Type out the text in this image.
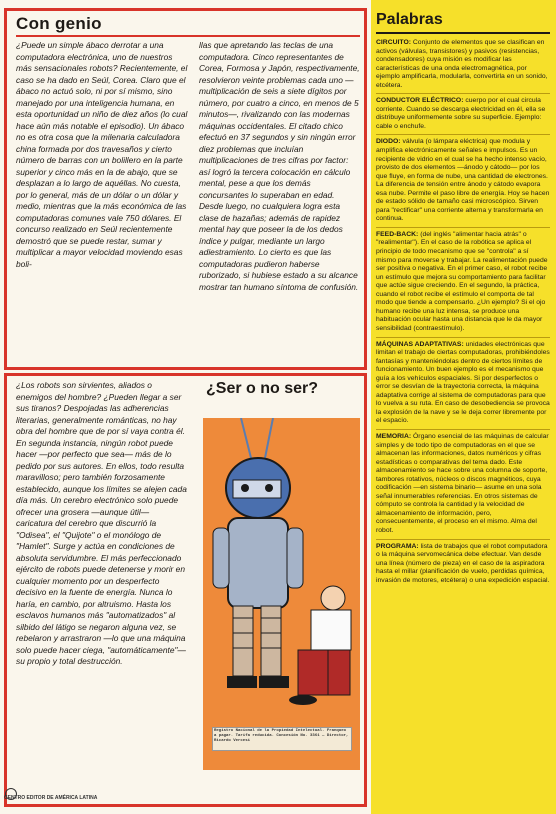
Con genio
¿Puede un simple ábaco derrotar a una computadora electrónica, uno de nuestros más sensacionales robots? Recientemente, el caso se ha dado en Seúl, Corea. Claro que el ábaco no actuó solo, ni por sí mismo, sino manejado por una inteligencia humana, en esta oportunidad un niño de diez años (lo cual hace aún más notable el episodio). Un ábaco no es otra cosa que la milenaria calculadora china formada por dos travesaños y cierto número de barras con un bolillero en la parte superior y cinco más en la de abajo, que se desplazan a lo largo de aquéllas. No cuesta, por lo general, más de un dólar o un dólar y medio, mientras que la más económica de las computadoras comunes vale 750 dólares. El concurso realizado en Seúl recientemente demostró que se puede restar, sumar y multiplicar a mayor velocidad moviendo esas boli-
llas que apretando las teclas de una computadora. Cinco representantes de Corea, Formosa y Japón, respectivamente, resolvieron veinte problemas cada uno —multiplicación de seis a siete dígitos por número, por cuatro a cinco, en menos de 5 minutos—, rivalizando con las modernas máquinas occidentales. El citado chico efectuó en 37 segundos y sin ningún error diez problemas que incluían multiplicaciones de tres cifras por factor: así logró la tercera colocación en cálculo mental, pese a que los demás concursantes lo superaban en edad. Desde luego, no cualquiera logra esta clase de hazañas; además de rapidez mental hay que poseer la de los dedos índice y pulgar, mediante un largo adiestramiento. Lo cierto es que las computadoras pudieron haberse ruborizado, si hubiese estado a su alcance mostrar tan humano síntoma de confusión.
¿Ser o no ser?
¿Los robots son sirvientes, aliados o enemigos del hombre? ¿Pueden llegar a ser sus tiranos? Despojadas las adherencias literarias, generalmente románticas, no hay obra del hombre que de por sí vaya contra él. En segunda instancia, ningún robot puede hacer —por perfecto que sea— más de lo pedido por sus autores. En ellos, todo resulta maravilloso; pero también forzosamente establecido, aunque los límites se alejen cada día más. Un cerebro electrónico solo puede ofrecer una grosera —aunque útil— caricatura del cerebro que discurrió la "Odisea", el "Quijote" o el monólogo de "Hamlet". Surge y actúa en condiciones de absoluta servidumbre. El más perfeccionado ejército de robots puede detenerse y morir en cualquier momento por un desperfecto decisivo en la fuente de energía. Nunca lo haría, en cambio, por altruismo. Hasta los esclavos humanos más "automatizados" al silbido del látigo se negaron alguna vez, se rebelaron y arrastraron —lo que una máquina solo puede hacer ciega, "automáticamente"— su propio y total destrucción.
Registro Nacional de la Propiedad Intelectual. Franqueo a pagar. Tarifa reducida. Concesión No. 3361 — Director, Ricardo Vercesi
Palabras
CIRCUITO: Conjunto de elementos que se clasifican en activos (válvulas, transistores) y pasivos (resistencias, condensadores) cuya misión es modificar las características de una onda electromagnética, por ejemplo amplificarla, modularla, convertirla en un sonido, etcétera.
CONDUCTOR ELÉCTRICO: cuerpo por el cual circula corriente. Cuando se descarga electricidad en él, ella se distribuye uniformemente sobre su superficie. Ejemplo: cable o enchufe.
DIODO: válvula (o lámpara eléctrica) que modula y amplifica electrónicamente señales e impulsos. Es un recipiente de vidrio en el cual se ha hecho intenso vacío, provisto de dos elementos —ánodo y cátodo— por los que fluye, en forma de nube, una cantidad de electrones. La diferencia de tensión entre ánodo y cátodo evapora esa nube. Permite el paso libre de energía. Hoy se hacen de estado sólido de tamaño casi microscópico. Sirven para "rectificar" una corriente alterna y transformarla en continua.
FEED-BACK: (del inglés "alimentar hacia atrás" o "realimentar"). En el caso de la robótica se aplica el principio de todo mecanismo que se "controla" a sí mismo para moverse y trabajar. La realimentación puede ser positiva o negativa. En el primer caso, el robot recibe un estímulo que mejora su comportamiento para facilitar que actúe sigue creciendo. En el segundo, la práctica, cuando el robot recibe el estímulo el comporta de tal modo que tiende a compensarlo. ¿Un ejemplo? Si el ojo humano recibe una luz intensa, se produce una habituación ocular hasta una distancia que le da mayor sensibilidad (contraestímulo).
MÁQUINAS ADAPTATIVAS: unidades electrónicas que limitan el trabajo de ciertas computadoras, prohibiéndoles fantasías y manteniéndolas dentro de ciertos límites de funcionamiento. Un buen ejemplo es el mecanismo que guía a los vehículos espaciales. Si por desperfectos o error se desvían de la trayectoria correcta, la máquina adaptativa corrige al sistema de computadoras para que lo vuelva a su ruta. En caso de desobediencia se provoca la explosión de la nave y se le deja correr libremente por el espacio.
MEMORIA: Órgano esencial de las máquinas de calcular simples y de todo tipo de computadoras en el que se almacenan las informaciones, datos numéricos y cifras estadísticas o comparativas del tema dado. Este almacenamiento se hace sobre una columna de soporte, tambores rotativos, núcleos o discos magnéticos, cuya codificación —en sistema binario— asume en una sola señal innumerables referencias. En otros sistemas de cómputo se controla la cantidad y la velocidad de almacenamiento de información, pero, consecuentemente, el proceso en el mismo. Alma del robot.
PROGRAMA: lista de trabajos que el robot computadora o la máquina servomecánica debe efectuar. Van desde una línea (número de pieza) en el caso de la aspiradora hasta el millar (planificación de vuelo, perdidas química, invasión de motores, etcétera) o una expedición espacial.
CENTRO EDITOR DE AMÉRICA LATINA
